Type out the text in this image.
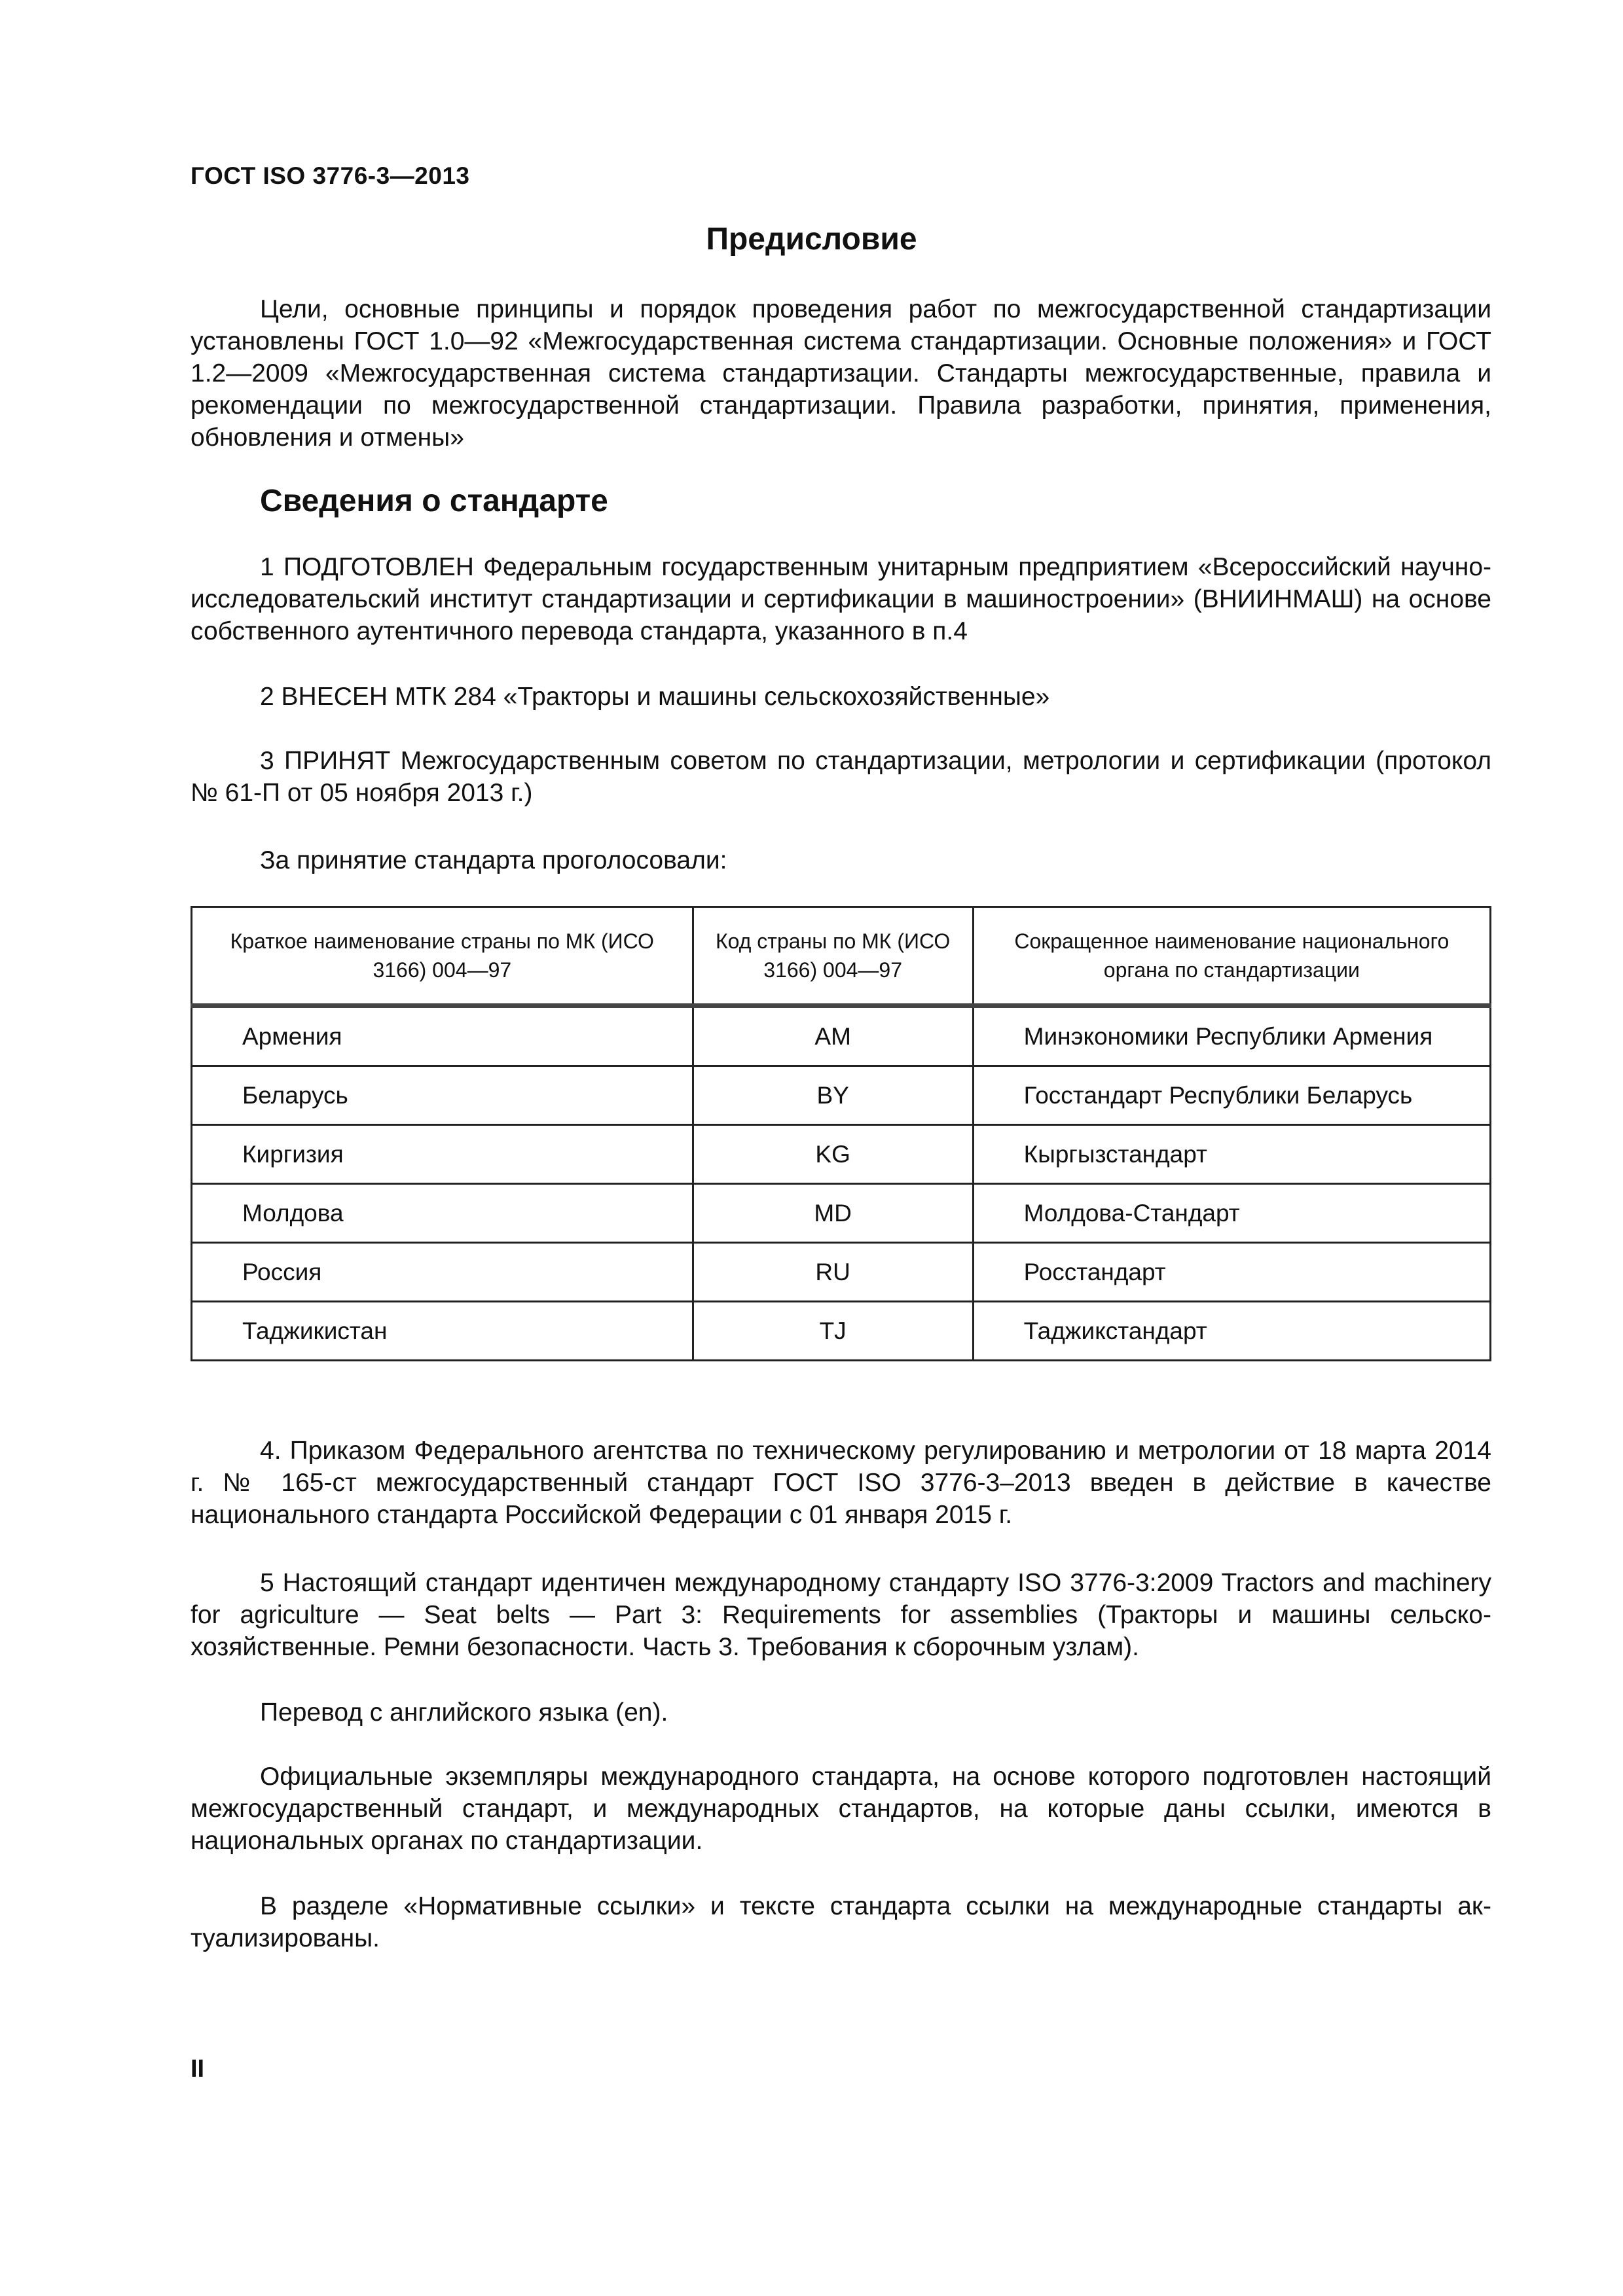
ГОСТ ISO 3776-3—2013
Предисловие

Цели, основные принципы и порядок проведения работ по межгосударственной стандартизации установлены ГОСТ 1.0—92 «Межгосударственная система стандартизации. Основные положения» и ГОСТ 1.2—2009 «Межгосударственная система стандартизации. Стандарты межгосударственные, правила и рекомендации по межгосударственной стандартизации. Правила разработки, принятия, применения, обновления и отмены»

Сведения о стандарте

1 ПОДГОТОВЛЕН Федеральным государственным унитарным предприятием «Всероссийский научно-исследовательский институт стандартизации и сертификации в машиностроении» (ВНИИНМАШ) на основе собственного аутентичного перевода стандарта, указанного в п.4

2 ВНЕСЕН МТК 284 «Тракторы и машины сельскохозяйственные»

3 ПРИНЯТ Межгосударственным советом по стандартизации, метрологии и сертификации (протокол № 61-П от 05 ноября 2013 г.)

За принятие стандарта проголосовали:

Краткое наименование страны по МК (ИСО 3166) 004—97	Код страны по МК (ИСО 3166) 004—97	Сокращенное наименование национального органа по стандартизации
Армения	AM	Минэкономики Республики Армения
Беларусь	BY	Госстандарт Республики Беларусь
Киргизия	KG	Кыргызстандарт
Молдова	MD	Молдова-Стандарт
Россия	RU	Росстандарт
Таджикистан	TJ	Таджикстандарт

4. Приказом Федерального агентства по техническому регулированию и метрологии от 18 марта 2014 г. № 165-ст межгосударственный стандарт ГОСТ ISO 3776-3–2013 введен в действие в качестве национального стандарта Российской Федерации с 01 января 2015 г.

5 Настоящий стандарт идентичен международному стандарту ISO 3776-3:2009 Tractors and machinery for agriculture — Seat belts — Part 3: Requirements for assemblies (Тракторы и машины сельскохозяйственные. Ремни безопасности. Часть 3. Требования к сборочным узлам).

Перевод с английского языка (en).

Официальные экземпляры международного стандарта, на основе которого подготовлен настоящий межгосударственный стандарт, и международных стандартов, на которые даны ссылки, имеются в национальных органах по стандартизации.

В разделе «Нормативные ссылки» и тексте стандарта ссылки на международные стандарты актуализированы.

II
